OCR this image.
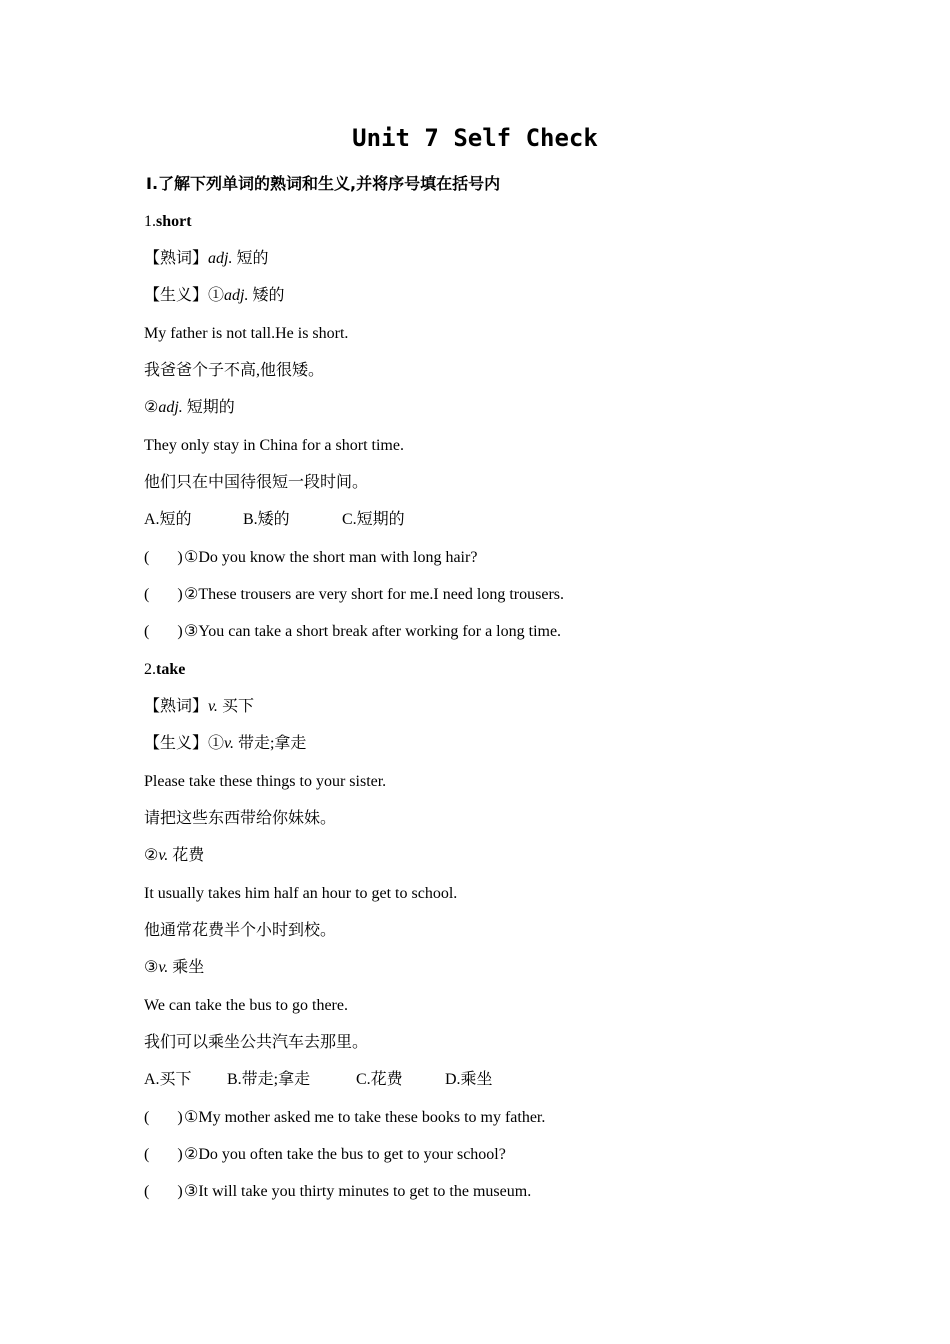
Unit 7 Self Check
Ⅰ.了解下列单词的熟词和生义,并将序号填在括号内
1.short
【熟词】adj. 短的
【生义】①adj. 矮的
My father is not tall.He is short.
我爸爸个子不高,他很矮。
②adj. 短期的
They only stay in China for a short time.
他们只在中国待很短一段时间。
A.短的	B.矮的	C.短期的
( )①Do you know the short man with long hair?
( )②These trousers are very short for me.I need long trousers.
( )③You can take a short break after working for a long time.
2.take
【熟词】v. 买下
【生义】①v. 带走;拿走
Please take these things to your sister.
请把这些东西带给你妹妹。
②v. 花费
It usually takes him half an hour to get to school.
他通常花费半个小时到校。
③v. 乘坐
We can take the bus to go there.
我们可以乘坐公共汽车去那里。
A.买下 B.带走;拿走	C.花费	D.乘坐
( )①My mother asked me to take these books to my father.
( )②Do you often take the bus to get to your school?
( )③It will take you thirty minutes to get to the museum.
